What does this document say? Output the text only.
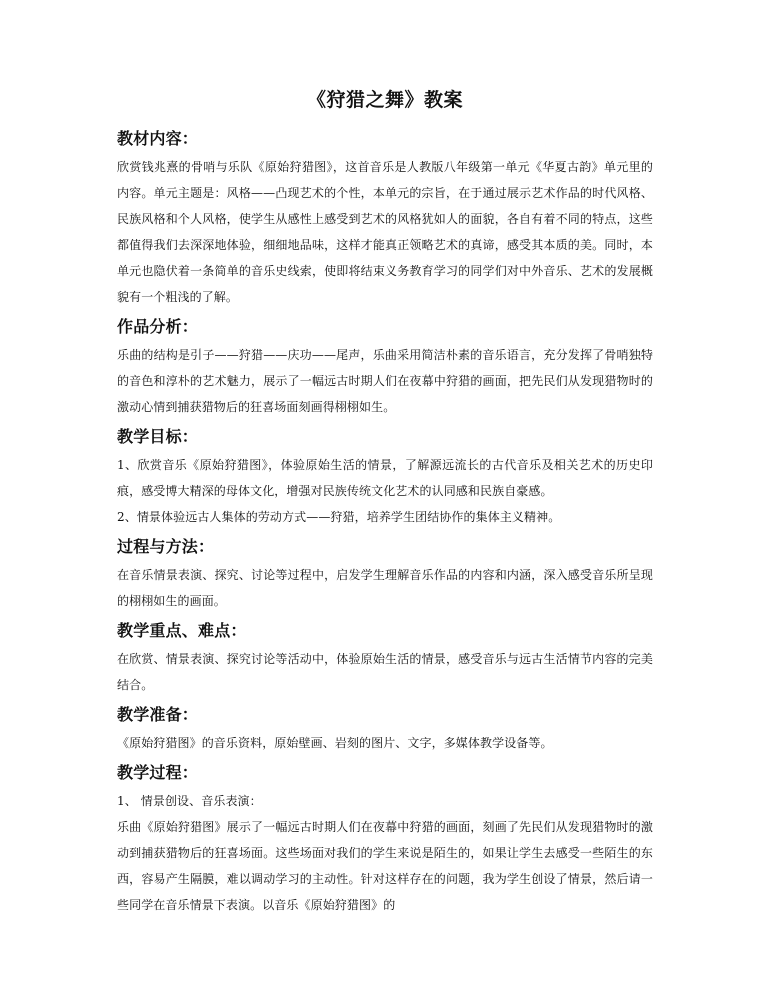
《狩猎之舞》教案
教材内容：

欣赏钱兆熹的骨哨与乐队《原始狩猎图》，这首音乐是人教版八年级第一单元《华夏古韵》单元里的内容。单元主题是：风格——凸现艺术的个性，本单元的宗旨，在于通过展示艺术作品的时代风格、民族风格和个人风格，使学生从感性上感受到艺术的风格犹如人的面貌，各自有着不同的特点，这些都值得我们去深深地体验，细细地品味，这样才能真正领略艺术的真谛，感受其本质的美。同时，本单元也隐伏着一条简单的音乐史线索，使即将结束义务教育学习的同学们对中外音乐、艺术的发展概貌有一个粗浅的了解。

作品分析：

乐曲的结构是引子——狩猎——庆功——尾声，乐曲采用简洁朴素的音乐语言，充分发挥了骨哨独特的音色和淳朴的艺术魅力，展示了一幅远古时期人们在夜幕中狩猎的画面，把先民们从发现猎物时的激动心情到捕获猎物后的狂喜场面刻画得栩栩如生。

教学目标：

1、欣赏音乐《原始狩猎图》，体验原始生活的情景，了解源远流长的古代音乐及相关艺术的历史印痕，感受博大精深的母体文化，增强对民族传统文化艺术的认同感和民族自豪感。

2、情景体验远古人集体的劳动方式——狩猎，培养学生团结协作的集体主义精神。

过程与方法：

在音乐情景表演、探究、讨论等过程中，启发学生理解音乐作品的内容和内涵，深入感受音乐所呈现的栩栩如生的画面。

教学重点、难点：

在欣赏、情景表演、探究讨论等活动中，体验原始生活的情景，感受音乐与远古生活情节内容的完美结合。

教学准备：

《原始狩猎图》的音乐资料，原始壁画、岩刻的图片、文字，多媒体教学设备等。

教学过程：

1、 情景创设、音乐表演：

乐曲《原始狩猎图》展示了一幅远古时期人们在夜幕中狩猎的画面，刻画了先民们从发现猎物时的激动到捕获猎物后的狂喜场面。这些场面对我们的学生来说是陌生的，如果让学生去感受一些陌生的东西，容易产生隔膜，难以调动学习的主动性。针对这样存在的问题，我为学生创设了情景，然后请一些同学在音乐情景下表演。以音乐《原始狩猎图》的
